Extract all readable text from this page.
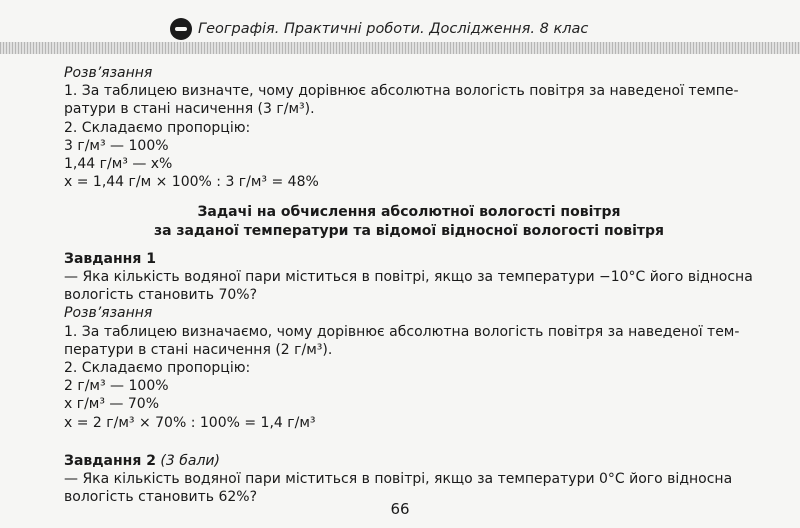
Географія. Практичні роботи. Дослідження. 8 клас
Розв’язання
1. За таблицею визначте, чому дорівнює абсолютна вологість повітря за наведеної темпе-
ратури в стані насичення (3 г/м³).
2. Складаємо пропорцію:
3 г/м³ — 100%
1,44 г/м³ — x%
x = 1,44 г/м × 100% : 3 г/м³ = 48%
Задачі на обчислення абсолютної вологості повітря
за заданої температури та відомої відносної вологості повітря
Завдання 1
— Яка кількість водяної пари міститься в повітрі, якщо за температури −10°С його відносна
вологість становить 70%?
Розв’язання
1. За таблицею визначаємо, чому дорівнює абсолютна вологість повітря за наведеної тем-
ператури в стані насичення (2 г/м³).
2. Складаємо пропорцію:
2 г/м³ — 100%
х г/м³ — 70%
x = 2 г/м³ × 70% : 100% = 1,4 г/м³
Завдання 2 (3 бали)
— Яка кількість водяної пари міститься в повітрі, якщо за температури 0°С його відносна
вологість становить 62%?
66
